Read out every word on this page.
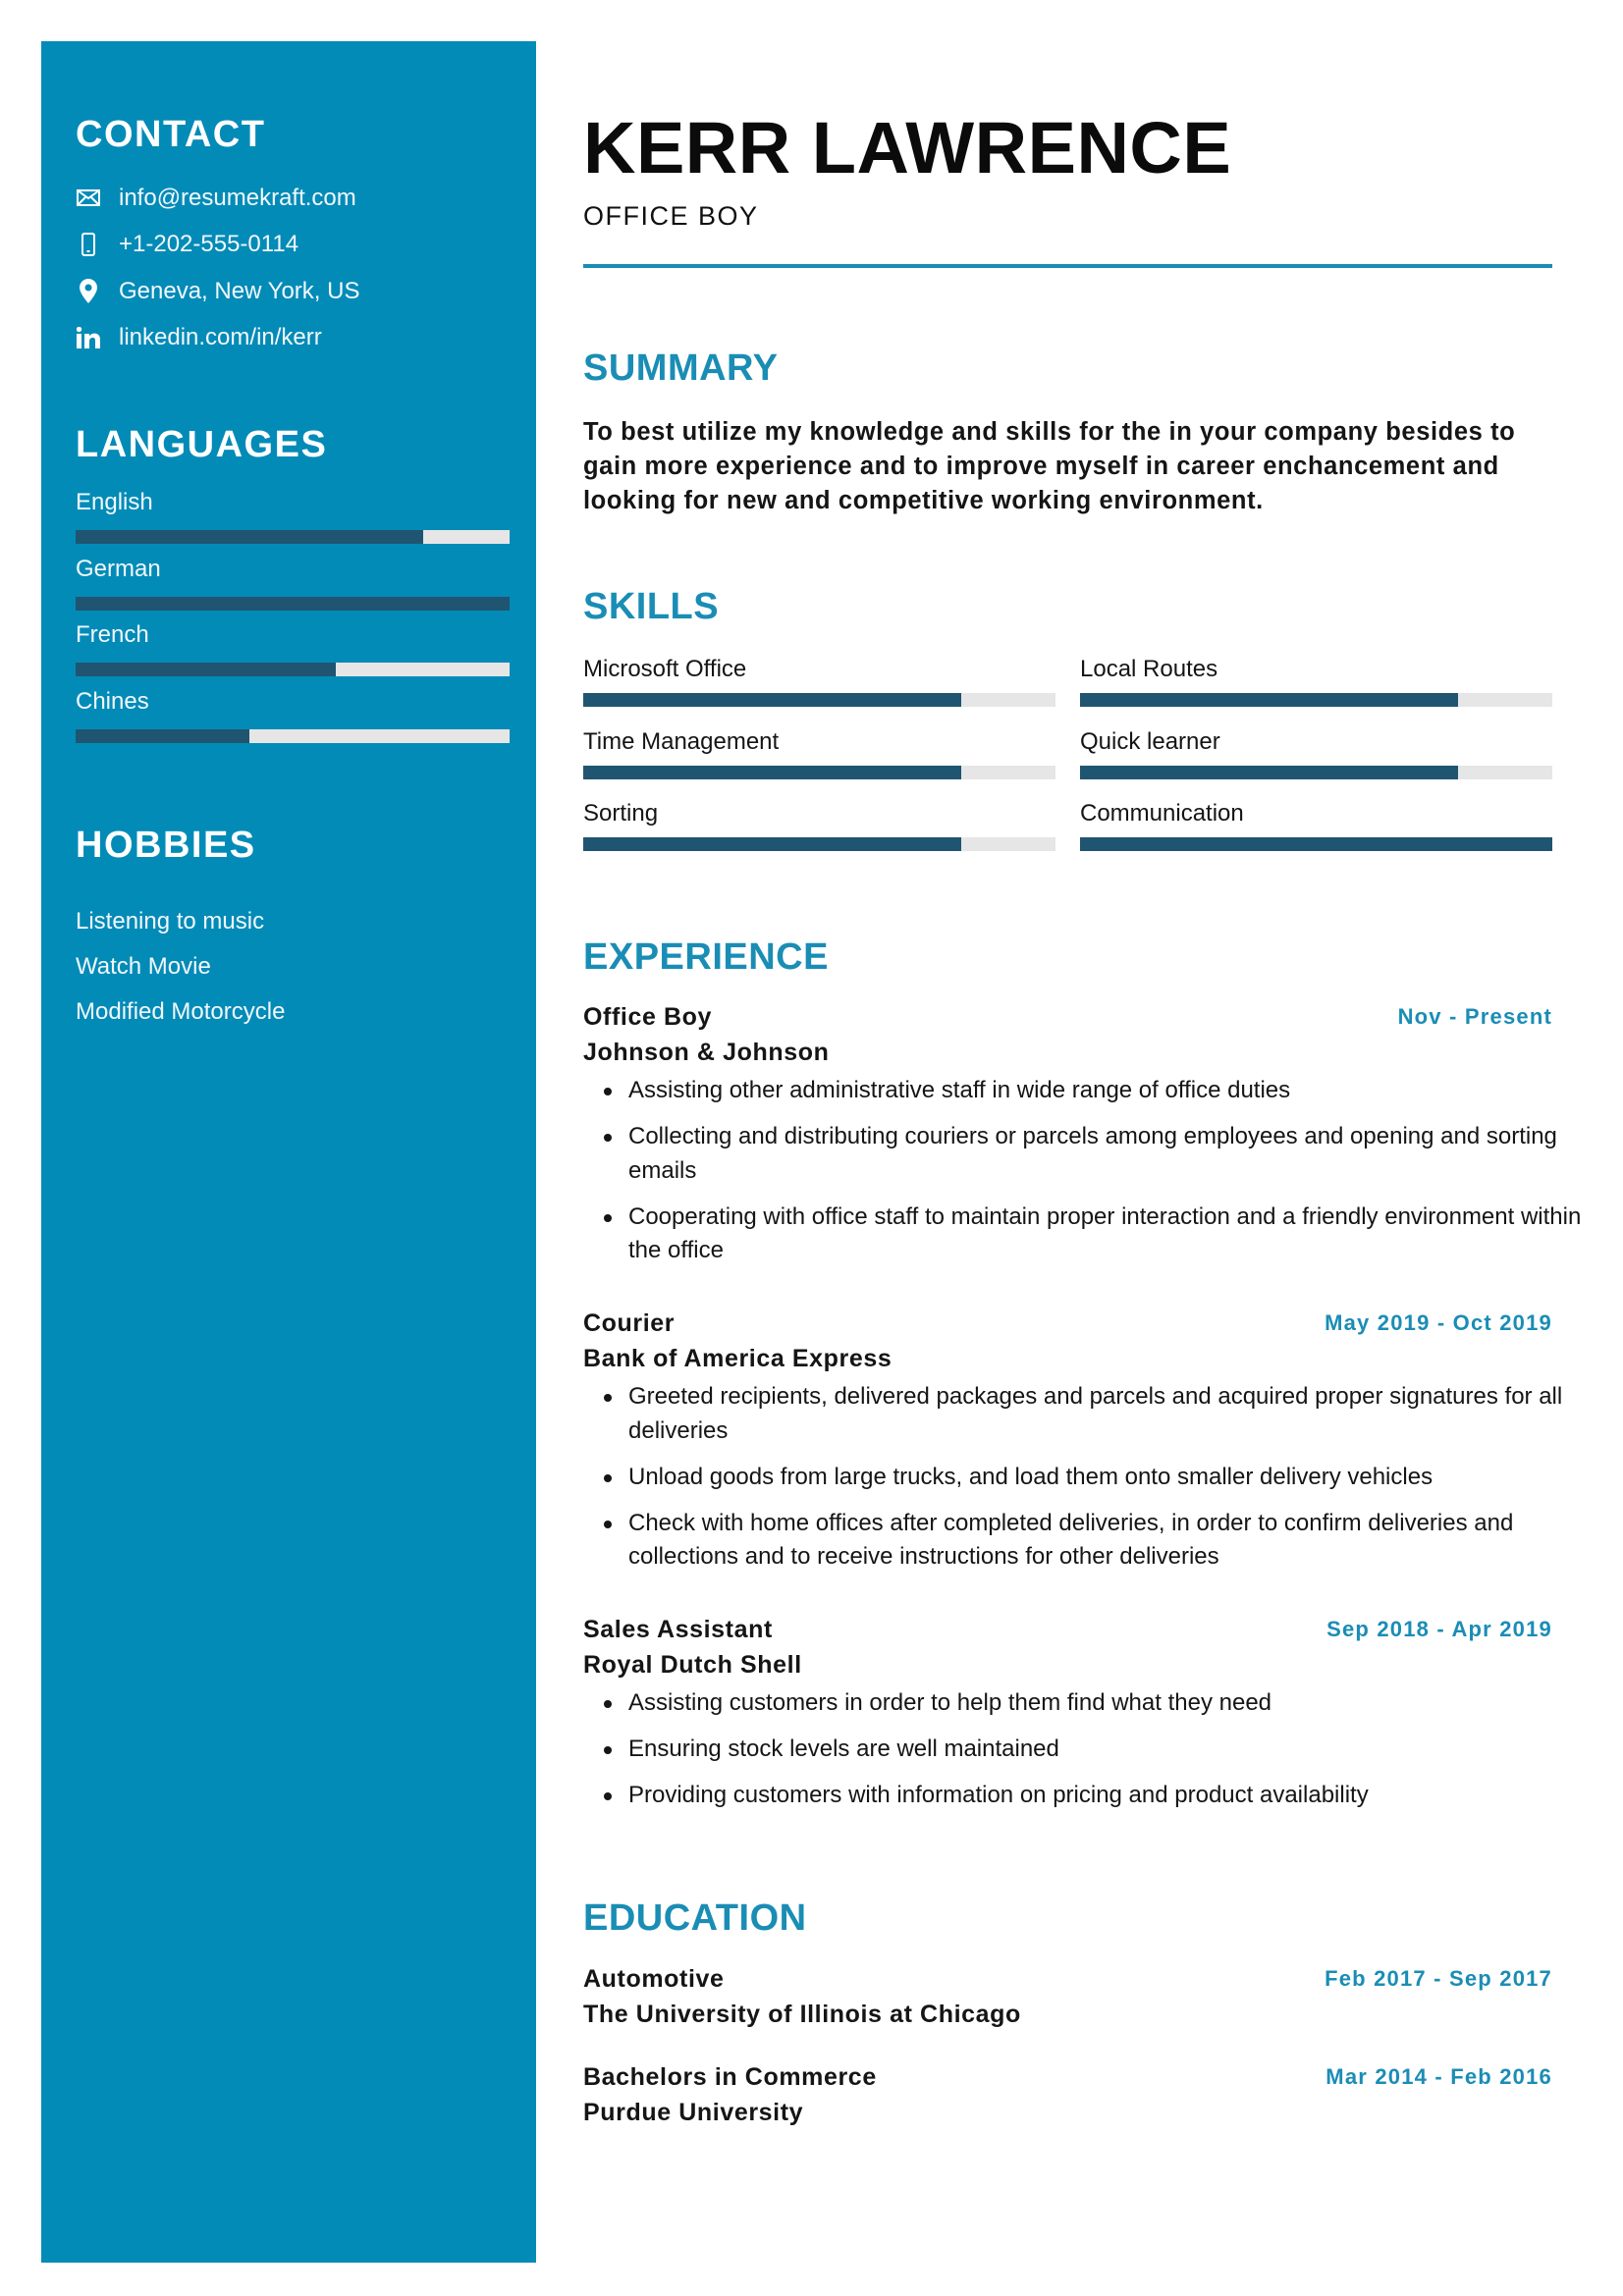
CONTACT
info@resumekraft.com
+1-202-555-0114
Geneva, New York, US
linkedin.com/in/kerr
LANGUAGES
English
German
French
Chines
HOBBIES
Listening to music
Watch Movie
Modified Motorcycle
KERR LAWRENCE
OFFICE BOY
SUMMARY

To best utilize my knowledge and skills for the in your company besides to gain more experience and to improve myself in career enchancement and looking for new and competitive working environment.

SKILLS
Microsoft Office	Local Routes
Time Management	Quick learner
Sorting	Communication
EXPERIENCE
Office Boy	Nov - Present
Johnson & Johnson
Assisting other administrative staff in wide range of office duties
Collecting and distributing couriers or parcels among employees and opening and sorting emails
Cooperating with office staff to maintain proper interaction and a friendly environment within the office
Courier	May 2019 - Oct 2019
Bank of America Express
Greeted recipients, delivered packages and parcels and acquired proper signatures for all deliveries
Unload goods from large trucks, and load them onto smaller delivery vehicles
Check with home offices after completed deliveries, in order to confirm deliveries and collections and to receive instructions for other deliveries
Sales Assistant	Sep 2018 - Apr 2019
Royal Dutch Shell
Assisting customers in order to help them find what they need
Ensuring stock levels are well maintained
Providing customers with information on pricing and product availability
EDUCATION
Automotive	Feb 2017 - Sep 2017
The University of Illinois at Chicago
Bachelors in Commerce	Mar 2014 - Feb 2016
Purdue University
